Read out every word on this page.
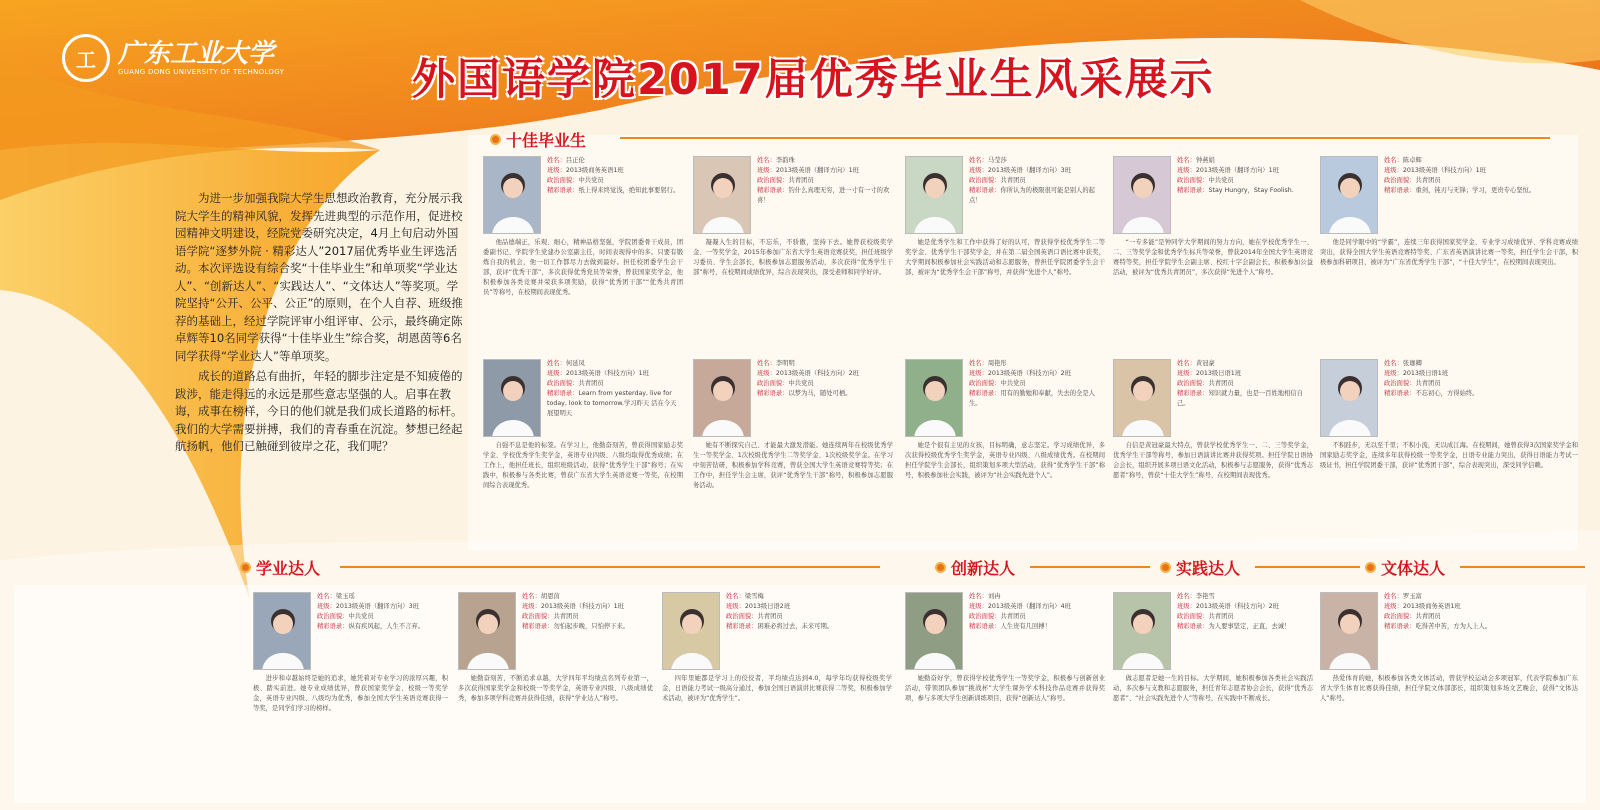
工 广东工业大学
GUANG DONG UNIVERSITY OF TECHNOLOGY	外国语学院2017届优秀毕业生风采展示
十佳毕业生
学业达人	创新达人	实践达人	文体达人

为进一步加强我院大学生思想政治教育，充分展示我院大学生的精神风貌，发挥先进典型的示范作用，促进校园精神文明建设，经院党委研究决定，4月上旬启动外国语学院“逐梦外院 · 精彩达人”2017届优秀毕业生评选活动。本次评选设有综合奖“十佳毕业生”和单项奖“学业达人”、“创新达人”、“实践达人”、“文体达人”等奖项。学院坚持“公开、公平、公正”的原则，在个人自荐、班级推荐的基础上，经过学院评审小组评审、公示，最终确定陈卓辉等10名同学获得“十佳毕业生”综合奖，胡恩茵等6名同学获得“学业达人”等单项奖。

成长的道路总有曲折，年轻的脚步注定是不知疲倦的跋涉，能走得远的永远是那些意志坚强的人。启事在教诲，成事在榜样，今日的他们就是我们成长道路的标杆。我们的大学需要拼搏，我们的青春重在沉淀。梦想已经起航扬帆，他们已触碰到彼岸之花，我们呢？

姓名：吕正伦
班级：2013级商务英语1班
政治面貌：中共党员
精彩语录：纸上得来终觉浅，绝知此事要躬行。

他品德端正，乐观、细心，精神品格坚强，学院团委骨干成员，团委副书记、学院学生党建办公室副主任，时间表现得中的多。只要有锻炼自我的机会，他一切工作都尽力去做到最好。担任校团委学生会干部，获评“优秀干部”，多次获得优秀党员等荣誉，曾获国家奖学金，他积极参加各类竞赛并荣获多项奖励，获得“优秀团干部”“优秀共青团员”等称号，在校期间表现优秀。

姓名：李韵珠
班级：2013级英语（翻译方向）1班
政治面貌：共青团员
精彩语录：钓什么真理无穷，进一寸有一寸的欢喜！

凝凝入生的目标，不忘乐，不骄傲，坚持下去。她曾获校级奖学金、一等奖学金，2015年参加广东省大学生英语竞赛获奖，担任班级学习委员、学生会部长，积极参加志愿服务活动，多次获得“优秀学生干部”称号，在校期间成绩优异，综合表现突出，深受老师和同学好评。

姓名：马莹莎
班级：2013级英语（翻译方向）3班
政治面貌：共青团员
精彩语录：你所认为的极限很可能是别人的起点！

她是优秀学生和工作中获得了好的认可，曾获得学校优秀学生二等奖学金、优秀学生干部奖学金，并在第二届全国英语口语比赛中获奖，大学期间积极参加社会实践活动和志愿服务，曾担任学院团委学生会干部，被评为“优秀学生会干部”称号，并获得“先进个人”称号。

姓名：钟燕娟
班级：2013级英语（翻译方向）1班
政治面貌：中共党员
精彩语录：Stay Hungry，Stay Foolish.

“一专多能”是钟同学大学期间的努力方向，她在学校优秀学生一、二、三等奖学金和优秀学生标兵等荣誉，曾获2014年全国大学生英语竞赛特等奖，担任学院学生会副主席、校红十字会副会长，积极参加公益活动，被评为“优秀共青团员”，多次获得“先进个人”称号。

姓名：陈卓辉
班级：2013级英语（科技方向）1班
政治面貌：共青团员
精彩语录：重剑，钝刃与无锋；学习，更贵专心坚恒。

他是同学眼中的“学霸”，连续三年获得国家奖学金、专业学习成绩优异、学科竞赛成绩突出，获得全国大学生英语竞赛特等奖、广东省英语演讲比赛一等奖，担任学生会干部，积极参加科研项目，被评为“广东省优秀学生干部”，“十佳大学生”，在校期间表现突出。

姓名：何延凤
班级：2013级英语（科技方向）1班
政治面貌：共青团员
精彩语录：Learn from yesterday, live for today, look to tomorrow.学习昨天 活在今天 展望明天

自强不息是他的标签。在学习上，他勤奋刻苦，曾获得国家励志奖学金、学校优秀学生奖学金，英语专业四级、八级均取得优秀成绩；在工作上，他担任班长，组织班级活动，获得“优秀学生干部”称号；在实践中，积极参与各类比赛，曾获广东省大学生英语竞赛一等奖，在校期间综合表现优秀。

姓名：李明明
班级：2013级英语（科技方向）2班
政治面貌：中共党员
精彩语录：以梦为马，随处可栖。

她有不断探究自己、才能最大激发潜能。她连续两年在校级优秀学生一等奖学金、1次校级优秀学生二等奖学金、1次校级奖学金。在学习中刻苦钻研，积极参加学科竞赛，曾获全国大学生英语竞赛特等奖；在工作中，担任学生会主席，获评“优秀学生干部”称号，积极参加志愿服务活动。

姓名：周艳彤
班级：2013级英语（科技方向）2班
政治面貌：中共党员
精彩语录：用有的勤勉和奉献，失去的全是人生。

她是个很有主见的女孩，目标明确，意志坚定。学习成绩优异，多次获得校级优秀学生奖学金，英语专业四级、八级成绩优秀。在校期间担任学院学生会部长，组织策划多项大型活动，获得“优秀学生干部”称号，积极参加社会实践，被评为“社会实践先进个人”。

姓名：黄冠豪
班级：2013级日语1班
政治面貌：共青团员
精彩语录：知识就力量，也是一百姓地相信自己。

自信是黄冠豪最大特点，曾获学校优秀学生一、二、三等奖学金，优秀学生干部等称号，参加日语演讲比赛并获得奖项。担任学院日语协会会长，组织开展多项日语文化活动，积极参与志愿服务，获得“优秀志愿者”称号，曾获“十佳大学生”称号，在校期间表现优秀。

姓名：张珈卿
班级：2013级日语1班
政治面貌：共青团员
精彩语录：不忘初心，方得始终。

不积跬步，无以至千里；不积小流，无以成江海。在校期间，她曾获得3次国家奖学金和国家励志奖学金，连续多年获得校级一等奖学金，日语专业能力突出，获得日语能力考试一级证书，担任学院团委干部，获评“优秀团干部”，综合表现突出，深受同学信赖。

姓名：梁玉瑶
班级：2013级英语（翻译方向）3班
政治面貌：中共党员
精彩语录：纵有疾风起，人生不言弃。

进步和卓越始终是她的追求，她凭着对专业学习的浓厚兴趣，积极、踏实前进。她专业成绩优异，曾获国家奖学金、校级一等奖学金，英语专业四级、八级均为优秀，参加全国大学生英语竞赛获得一等奖，是同学们学习的榜样。

姓名：胡恩茵
班级：2013级英语（科技方向）1班
政治面貌：共青团员
精彩语录：勿怕起步晚，只怕停下来。

她勤奋刻苦，不断追求卓越，大学四年平均绩点名列专业第一，多次获得国家奖学金和校级一等奖学金，英语专业四级、八级成绩优秀，参加多项学科竞赛并获得佳绩，获得“学业达人”称号。

姓名：梁雪梅
班级：2013级日语2班
政治面貌：共青团员
精彩语录：困难必将过去，未来可期。

四年里她都是学习上的佼佼者，平均绩点达到4.0，每学年均获得校级奖学金，日语能力考试一级高分通过，参加全国日语演讲比赛获得二等奖，积极参加学术活动，被评为“优秀学生”。

姓名：刘冉
班级：2013级英语（翻译方向）4班
政治面貌：共青团员
精彩语录：人生贵有几回搏！

她勤奋好学，曾获得学校优秀学生一等奖学金，积极参与创新创业活动，带领团队参加“挑战杯”大学生课外学术科技作品竞赛并获得奖项，参与多项大学生创新训练项目，获得“创新达人”称号。

姓名：李艳雪
班级：2013级英语（科技方向）2班
政治面貌：共青团员
精彩语录：为人要事坚定，正直，去诚！

做志愿者是她一生的目标。大学期间，她积极参加各类社会实践活动，多次参与支教和志愿服务，担任青年志愿者协会会长，获得“优秀志愿者”、“社会实践先进个人”等称号，在实践中不断成长。

姓名：罗玉富
班级：2013级商务英语1班
政治面貌：共青团员
精彩语录：吃得苦中苦，方为人上人。

热爱体育的她，积极参加各类文体活动，曾获学校运动会多项冠军，代表学院参加广东省大学生体育比赛获得佳绩，担任学院文体部部长，组织策划多场文艺晚会，获得“文体达人”称号。
